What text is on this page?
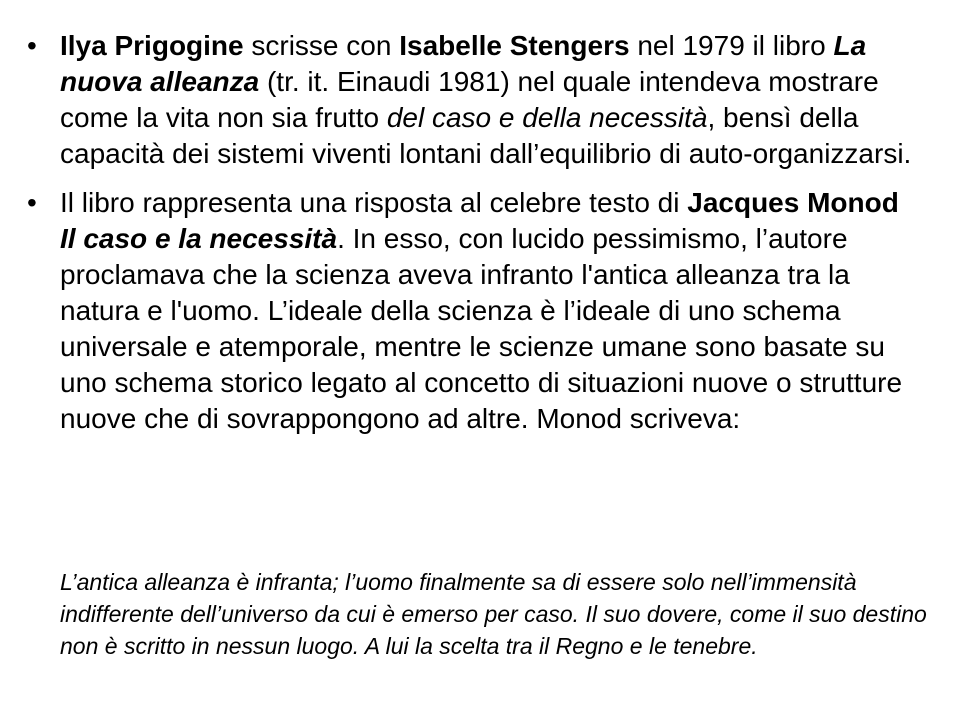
• Ilya Prigogine scrisse con Isabelle Stengers nel 1979 il libro La nuova alleanza (tr. it. Einaudi 1981) nel quale intendeva mostrare come la vita non sia frutto del caso e della necessità, bensì della capacità dei sistemi viventi lontani dall’equilibrio di auto-organizzarsi.
• Il libro rappresenta una risposta al celebre testo di Jacques Monod Il caso e la necessità. In esso, con lucido pessimismo, l’autore proclamava che la scienza aveva infranto l'antica alleanza tra la natura e l'uomo. L’ideale della scienza è l’ideale di uno schema universale e atemporale, mentre le scienze umane sono basate su uno schema storico legato al concetto di situazioni nuove o strutture nuove che di sovrappongono ad altre. Monod scriveva:
L’antica alleanza è infranta; l’uomo finalmente sa di essere solo nell’immensità indifferente dell’universo da cui è emerso per caso. Il suo dovere, come il suo destino non è scritto in nessun luogo. A lui la scelta tra il Regno e le tenebre.
